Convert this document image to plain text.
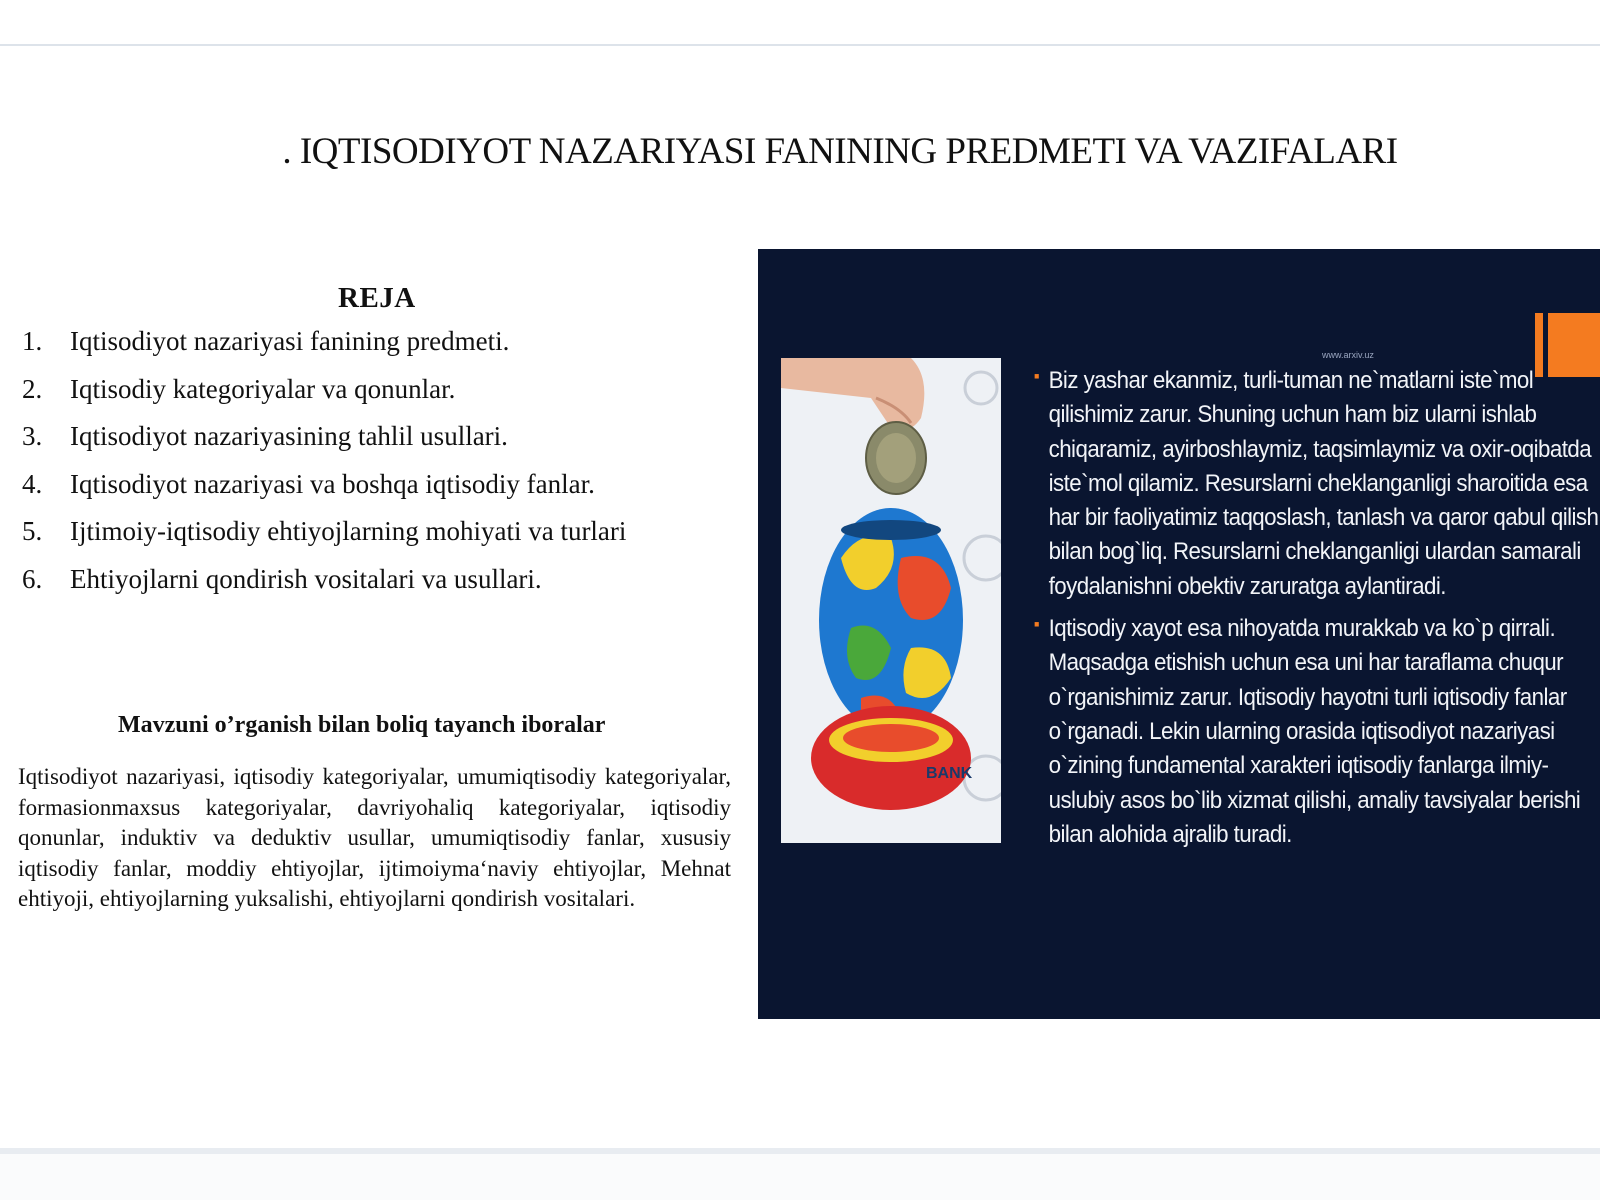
. IQTISODIYOT NAZARIYASI FANINING PREDMETI VA VAZIFALARI
REJA
1.	Iqtisodiyot nazariyasi fanining predmeti.
2.	Iqtisodiy kategoriyalar va qonunlar.
3.	Iqtisodiyot nazariyasining tahlil usullari.
4.	Iqtisodiyot nazariyasi va boshqa iqtisodiy fanlar.
5.	Ijtimoiy-iqtisodiy ehtiyojlarning mohiyati va turlari
6.	Ehtiyojlarni qondirish vositalari va usullari.
Mavzuni o’rganish bilan boliq tayanch iboralar
Iqtisodiyot nazariyasi, iqtisodiy kategoriyalar, umumiqtisodiy kategoriyalar, formasionmaxsus kategoriyalar, davriyohaliq kategoriyalar, iqtisodiy qonunlar, induktiv va deduktiv usullar, umumiqtisodiy fanlar, xususiy iqtisodiy fanlar, moddiy ehtiyojlar, ijtimoiyma‘naviy ehtiyojlar, Mehnat ehtiyoji, ehtiyojlarning yuksalishi, ehtiyojlarni qondirish vositalari.
www.arxiv.uz
BANK
▪ Biz yashar ekanmiz, turli-tuman ne`matlarni iste`mol qilishimiz zarur. Shuning uchun ham biz ularni ishlab chiqaramiz, ayirboshlaymiz, taqsimlaymiz va oxir-oqibatda iste`mol qilamiz. Resurslarni cheklanganligi sharoitida esa har bir faoliyatimiz taqqoslash, tanlash va qaror qabul qilish bilan bog`liq. Resurslarni cheklanganligi ulardan samarali foydalanishni obektiv zaruratga aylantiradi.
▪ Iqtisodiy xayot esa nihoyatda murakkab va ko`p qirrali. Maqsadga etishish uchun esa uni har taraflama chuqur o`rganishimiz zarur. Iqtisodiy hayotni turli iqtisodiy fanlar o`rganadi. Lekin ularning orasida iqtisodiyot nazariyasi o`zining fundamental xarakteri iqtisodiy fanlarga ilmiy-uslubiy asos bo`lib xizmat qilishi, amaliy tavsiyalar berishi bilan alohida ajralib turadi.
